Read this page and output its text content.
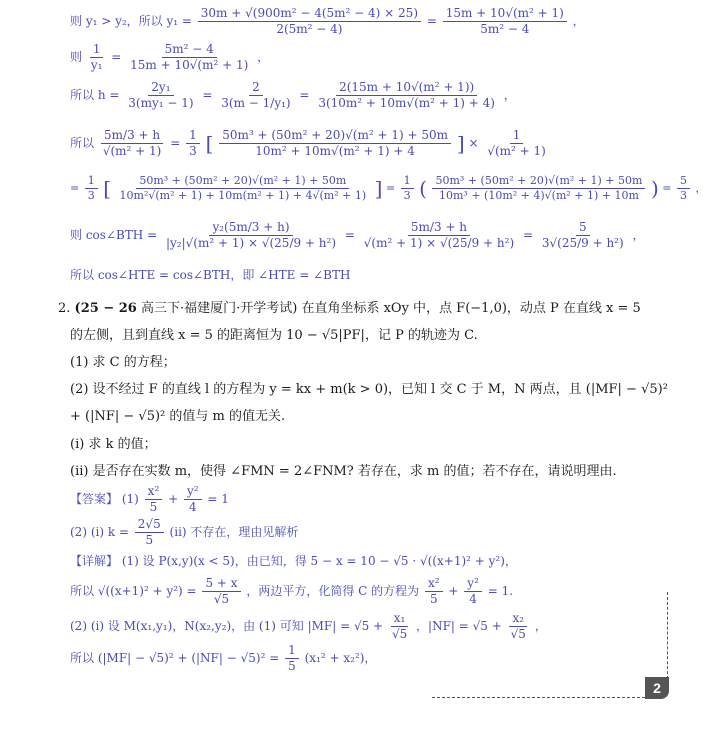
则 y₁ > y₂，所以 $y_1 = \frac{\text{30m + √(900m² − 4(5m² − 4) × 25)}}{\text{2(5m² − 4)}} = \frac{\text{15m + 10√(m² + 1)}}{\text{5m² − 4}}$ ，
则 $\frac{1}{\text{y₁}} = \frac{\text{5m² − 4}}{\text{15m + 10√(m² + 1)}}$ ，
所以 $h = \frac{\text{2y₁}}{\text{3(my₁ − 1)}} = \frac{2}{\text{3(m − 1/y₁)}} = \frac{\text{2(15m + 10√(m² + 1))}}{\text{3(10m² + 10m√(m² + 1) + 4)}}$ ，
所以 $\frac{5m/3 + h}{\text{√(m² + 1)}} = \frac{1}{3}$ [ $\frac{\text{50m³ + (50m² + 20)√(m² + 1) + 50m}}{\text{10m² + 10m√(m² + 1) + 4}}$ ] × $\frac{1}{\text{√(m² + 1)}}$
= $\frac{1}{3}$ [ $\frac{\text{50m³ + (50m² + 20)√(m² + 1) + 50m}}{\text{10m²√(m² + 1) + 10m(m² + 1) + 4√(m² + 1)}}$ ] = $\frac{1}{3}$ ( $\frac{\text{50m³ + (50m² + 20)√(m² + 1) + 50m}}{\text{10m³ + (10m² + 4)√(m² + 1) + 10m}}$ ) = $\frac{5}{3}$ ，
则 cos∠BTH = $\frac{\text{y₂(5m/3 + h)}}{\text{|y₂|√(m² + 1) × √(25/9 + h²)}} = \frac{5m/3 + h}{\text{√(m² + 1) × √(25/9 + h²)}} = \frac{5}{\text{3√(25/9 + h²)}}$ ，
所以 cos∠HTE = cos∠BTH，即 ∠HTE = ∠BTH
2. (25 − 26 高三下·福建厦门·开学考试) 在直角坐标系 xOy 中，点 F(−1,0)，动点 P 在直线 x = 5
的左侧，且到直线 x = 5 的距离恒为 10 − √5|PF|，记 P 的轨迹为 C.
(1) 求 C 的方程；
(2) 设不经过 F 的直线 l 的方程为 y = kx + m(k > 0)，已知 l 交 C 于 M，N 两点，且 (|MF| − √5)²
+ (|NF| − √5)² 的值与 m 的值无关.
(i) 求 k 的值；
(ii) 是否存在实数 m，使得 ∠FMN = 2∠FNM? 若存在，求 m 的值；若不存在，请说明理由.
【答案】 $(1) \frac{\text{x²}}{5} + \frac{\text{y²}}{4} = 1$
(2) (i) $k = \frac{2√5}{5} (ii)$ 不存在，理由见解析
【详解】 (1) 设 P(x,y)(x < 5)，由已知，得 5 − x = 10 − √5 · √((x+1)² + y²)，
所以 $√((x+1)^2 + y^2) = \frac{5 + x}{√5}$ ，两边平方，化简得 C 的方程为 $\frac{\text{x²}}{5} + \frac{\text{y²}}{4} = 1$.
(2) (i) 设 M(x₁,y₁)，N(x₂,y₂)，由 (1) 可知 $|MF| = √5 + \frac{\text{x₁}}{√5}$ ，$|NF| = √5 + \frac{\text{x₂}}{√5}$ ，
所以 $(|MF| - √5)^2 + (|NF| - √5)^2 = \frac{1}{5} (x_1^2 + x_2^2)$，
2
